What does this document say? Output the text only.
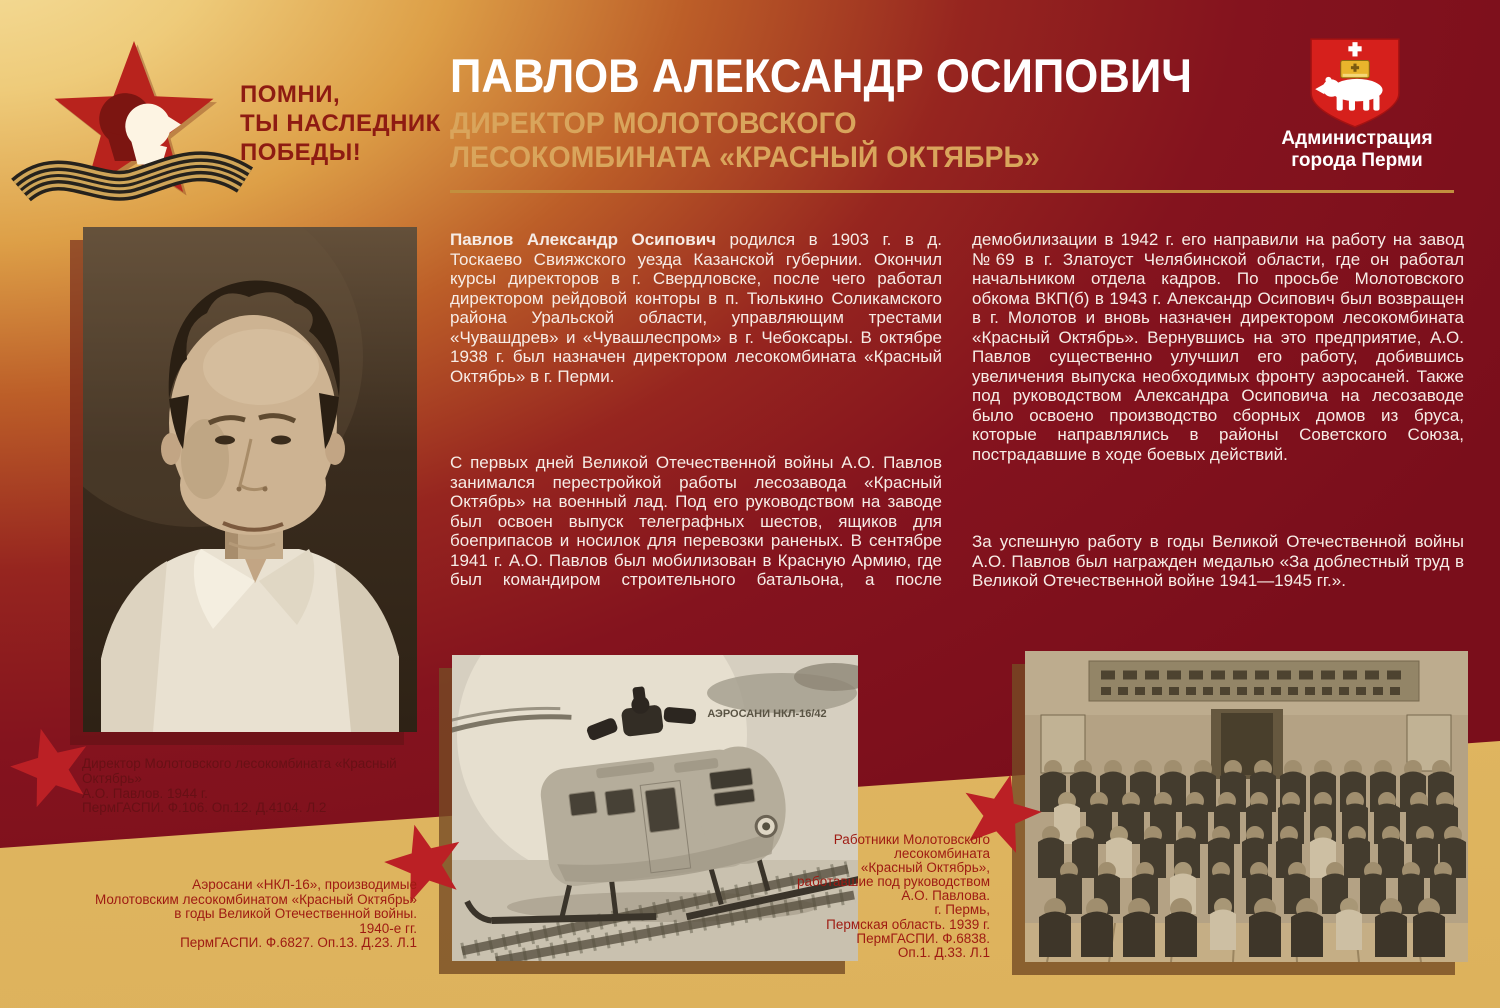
ПОМНИ,
ТЫ НАСЛЕДНИК
ПОБЕДЫ!
ПАВЛОВ АЛЕКСАНДР ОСИПОВИЧ
ДИРЕКТОР МОЛОТОВСКОГО
ЛЕСОКОМБИНАТА «КРАСНЫЙ ОКТЯБРЬ»
Администрация города Перми

Павлов Александр Осипович родился в 1903 г. в д. Тоскаево Свияжского уезда Казанской губернии. Окончил курсы директоров в г. Свердловске, после чего работал директором рейдовой конторы в п. Тюлькино Соликамского района Уральской области, управляющим трестами «Чувашдрев» и «Чувашлеспром» в г. Чебоксары. В октябре 1938 г. был назначен директором лесокомбината «Красный Октябрь» в г. Перми.

С первых дней Великой Отечественной войны А.О. Павлов занимался перестройкой работы лесозавода «Красный Октябрь» на военный лад. Под его руководством на заводе был освоен выпуск телеграфных шестов, ящиков для боеприпасов и носилок для перевозки раненых. В сентябре 1941 г. А.О. Павлов был мобилизован в Красную Армию, где был командиром строительного батальона, а после

демобилизации в 1942 г. его направили на работу на завод №69 в г. Златоуст Челябинской области, где он работал начальником отдела кадров. По просьбе Молотовского обкома ВКП(б) в 1943 г. Александр Осипович был возвращен в г. Молотов и вновь назначен директором лесокомбината «Красный Октябрь». Вернувшись на это предприятие, А.О. Павлов существенно улучшил его работу, добившись увеличения выпуска необходимых фронту аэросаней. Также под руководством Александра Осиповича на лесозаводе было освоено производство сборных домов из бруса, которые направлялись в районы Советского Союза, пострадавшие в ходе боевых действий.

За успешную работу в годы Великой Отечественной войны А.О. Павлов был награжден медалью «За доблестный труд в Великой Отечественной войне 1941—1945 гг.».

Директор Молотовского лесокомбината «Красный Октябрь»
А.О. Павлов. 1944 г.
ПермГАСПИ. Ф.106. Оп.12. Д.4104. Л.2
АЭРОСАНИ НКЛ-16/42
Аэросани «НКЛ-16», производимые
Молотовским лесокомбинатом «Красный Октябрь»
в годы Великой Отечественной войны.
1940-е гг.
ПермГАСПИ. Ф.6827. Оп.13. Д.23. Л.1
Работники Молотовского
лесокомбината
«Красный Октябрь»,
работавшие под руководством
А.О. Павлова.
г. Пермь,
Пермская область. 1939 г.
ПермГАСПИ. Ф.6838.
Оп.1. Д.33. Л.1
